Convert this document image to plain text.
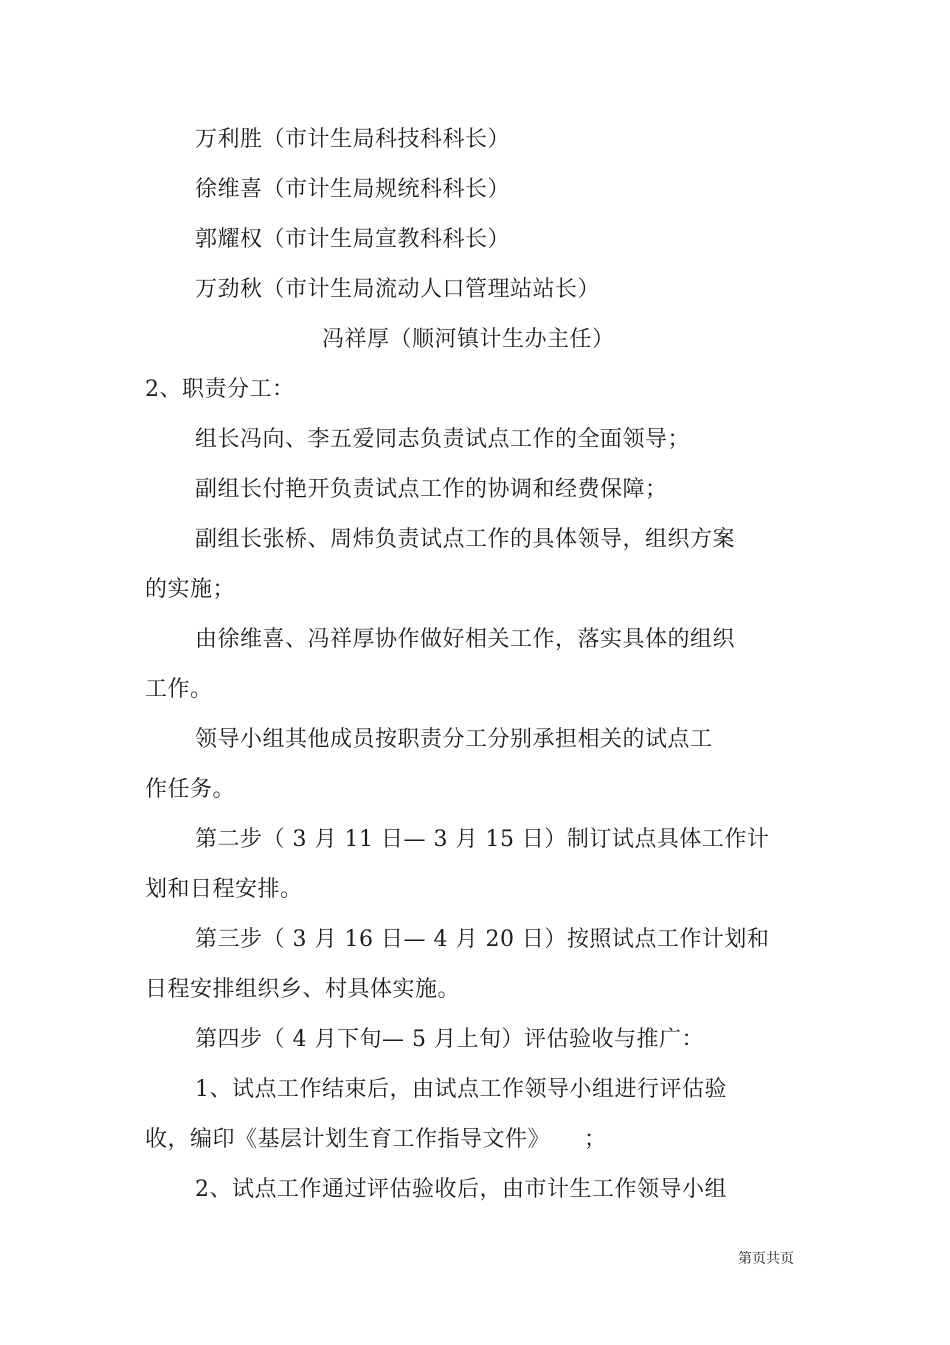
万利胜（市计生局科技科科长）
徐维喜（市计生局规统科科长）
郭耀权（市计生局宣教科科长）
万劲秋（市计生局流动人口管理站站长）
冯祥厚（顺河镇计生办主任）
2、职责分工：
组长冯向、李五爱同志负责试点工作的全面领导；
副组长付艳开负责试点工作的协调和经费保障；
副组长张桥、周炜负责试点工作的具体领导，组织方案
的实施；
由徐维喜、冯祥厚协作做好相关工作，落实具体的组织
工作。
领导小组其他成员按职责分工分别承担相关的试点工
作任务。
第二步（ 3 月 11 日— 3 月 15 日）制订试点具体工作计
划和日程安排。
第三步（ 3 月 16 日— 4 月 20 日）按照试点工作计划和
日程安排组织乡、村具体实施。
第四步（ 4 月下旬— 5 月上旬）评估验收与推广：
1、试点工作结束后，由试点工作领导小组进行评估验
收，编印《基层计划生育工作指导文件》　　；
2、试点工作通过评估验收后，由市计生工作领导小组
第页共页
